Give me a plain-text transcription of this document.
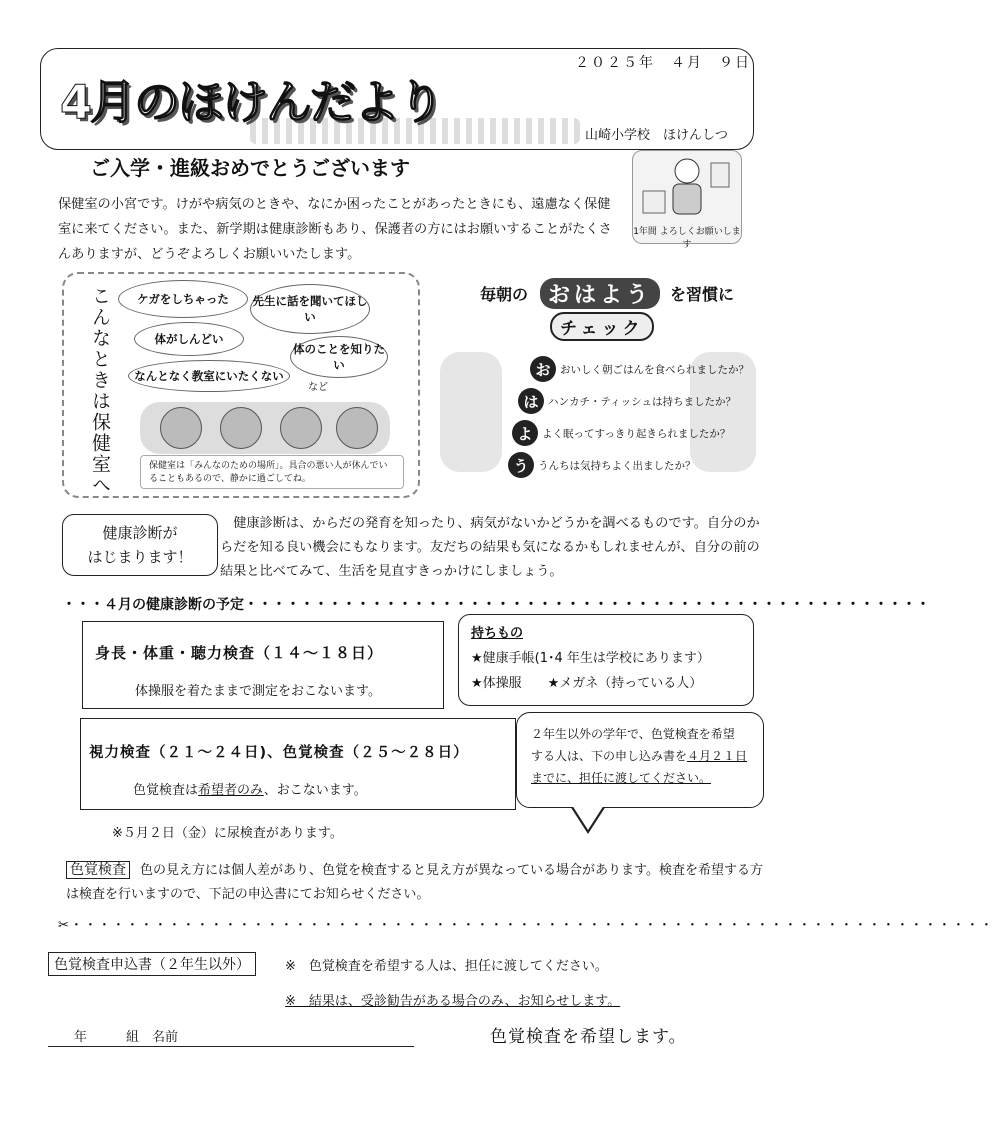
２０２５年　４月　９日
4月のほけんだより
山崎小学校　ほけんしつ
ご入学・進級おめでとうございます
保健室の小宮です。けがや病気のときや、なにか困ったことがあったときにも、遠慮なく保健室に来てください。また、新学期は健康診断もあり、保護者の方にはお願いすることがたくさんありますが、どうぞよろしくお願いいたします。
1年間 よろしくお願いします
こんなときは保健室へ	ケガをしちゃった	先生に話を聞いてほしい
体がしんどい
体のことを知りたい
なんとなく教室にいたくない
など
保健室は「みんなのための場所」。具合の悪い人が休んでいることもあるので、静かに過ごしてね。
毎朝の おはよう	を習慣に
チェック
お おいしく朝ごはんを食べられましたか？
は ハンカチ・ティッシュは持ちましたか？
よ よく眠ってすっきり起きられましたか？
う うんちは気持ちよく出ましたか？
健康診断が
はじまります！
健康診断は、からだの発育を知ったり、病気がないかどうかを調べるものです。自分のからだを知る良い機会にもなります。友だちの結果も気になるかもしれませんが、自分の前の結果と比べてみて、生活を見直すきっかけにしましょう。
・・・４月の健康診断の予定・・・・・・・・・・・・・・・・・・・・・・・・・・・・・・・・・・・・・・・・・・・・・・・・・
身長・体重・聴力検査（１４～１８日）
体操服を着たままで測定をおこないます。
持ちもの
★健康手帳(1･4 年生は学校にあります）
★体操服　　★メガネ（持っている人）
視力検査（２１～２４日)、色覚検査（２５～２８日）
色覚検査は希望者のみ、おこないます。
２年生以外の学年で、色覚検査を希望
する人は、下の申し込み書を４月２１日
までに、担任に渡してください。
※５月２日（金）に尿検査があります。
色覚検査 色の見え方には個人差があり、色覚を検査すると見え方が異なっている場合があります。検査を希望する方は検査を行いますので、下記の申込書にてお知らせください。
✂・・・・・・・・・・・・・・・・・・・・・・・・・・・・・・・・・・・・・・・・・・・・・・・・・・・・・・・・・・・・・・・・・・
色覚検査申込書（２年生以外）	※　色覚検査を希望する人は、担任に渡してください。
※　結果は、受診勧告がある場合のみ、お知らせします。
　　年　　　組　名前	色覚検査を希望します。
